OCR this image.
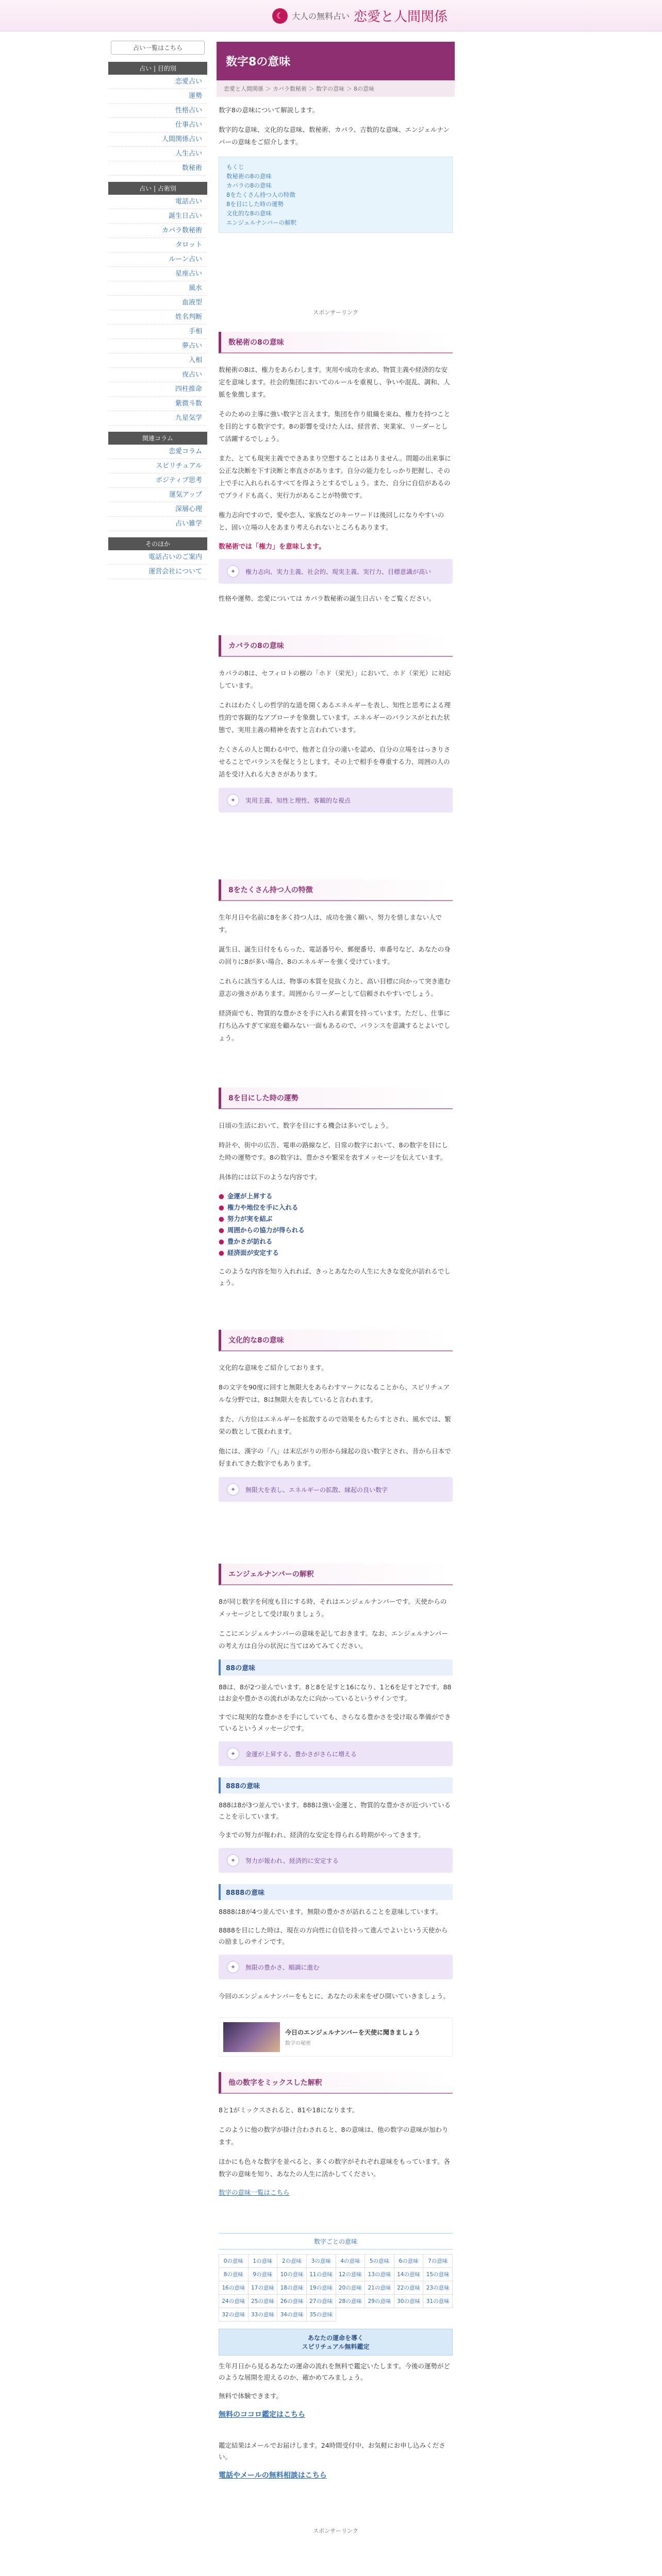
☾ 大人の無料占い 恋愛と人間関係
占い一覧はこちら
占い | 目的別
恋愛占い
運勢
性格占い
仕事占い
人間関係占い
人生占い
数秘術
占い | 占術別
電話占い
誕生日占い
カバラ数秘術
タロット
ルーン占い
星座占い
風水
血液型
姓名判断
手相
夢占い
入相
夜占い
四柱推命
紫微斗数
九星気学
関連コラム
恋愛コラム
スピリチュアル
ポジティブ思考
運気アップ
深層心理
占い雑学
そのほか
電話占いのご案内
運営会社について
数字8の意味
恋愛と人間関係 ＞ カバラ数秘術 ＞ 数字の意味 ＞ 8の意味

数字8の意味について解説します。

数字的な意味、文化的な意味、数秘術、カバラ、吉数的な意味、エンジェルナンバーの意味をご紹介します。

もくじ
数秘術の8の意味
カバラの8の意味
8をたくさん持つ人の特徴
8を目にした時の運勢
文化的な8の意味
エンジェルナンバーの解釈
スポンサーリンク
数秘術の8の意味

数秘術の8は、権力をあらわします。実用や成功を求め、物質主義や経済的な安定を意味します。社会的集団においてのルールを重視し、争いや混乱、調和、人脈を象徴します。

そのための主導に強い数字と言えます。集団を作り組織を束ね、権力を持つことを目的とする数字です。8の影響を受けた人は、経営者、実業家、リーダーとして活躍するでしょう。

また、とても現実主義でできあまり空想することはありません。問題の出来事に公正な決断を下す決断と率直さがあります。自分の能力をしっかり把握し、その上で手に入れられるすべてを得ようとするでしょう。また、自分に自信があるのでプライドも高く、実行力があることが特徴です。

権力志向ですので、愛や恋人、家族などのキーワードは後回しになりやすいのと、固い立場の人をあまり考えられないところもあります。

数秘術では「権力」を意味します。
✦	権力志向、実力主義、社会的、現実主義、実行力、目標意識が高い

性格や運勢、恋愛については カバラ数秘術の誕生日占い をご覧ください。

カバラの8の意味

カバラの8は、セフィロトの樹の「ホド（栄光）」において、ホド（栄光）に対応しています。

これはわたくしの哲学的な道を開くあるエネルギーを表し、知性と思考による理性的で客観的なアプローチを象徴しています。エネルギーのバランスがとれた状態で、実用主義の精神を表すと言われています。

たくさんの人と関わる中で、他者と自分の違いを認め、自分の立場をはっきりさせることでバランスを保とうとします。その上で相手を尊重する力、周囲の人の話を受け入れる大きさがあります。

✦	実用主義、知性と理性、客観的な視点
8をたくさん持つ人の特徴

生年月日や名前に8を多く持つ人は、成功を強く願い、努力を惜しまない人です。

誕生日、誕生日付をもらった、電話番号や、郵便番号、車番号など、あなたの身の回りに8が多い場合、8のエネルギーを強く受けています。

これらに該当する人は、物事の本質を見抜く力と、高い目標に向かって突き進む意志の強さがあります。周囲からリーダーとして信頼されやすいでしょう。

経済面でも、物質的な豊かさを手に入れる素質を持っています。ただし、仕事に打ち込みすぎて家庭を顧みない一面もあるので、バランスを意識するとよいでしょう。

8を目にした時の運勢

日頃の生活において、数字を目にする機会は多いでしょう。

時計や、街中の広告、電車の路線など、日常の数字において、8の数字を目にした時の運勢です。8の数字は、豊かさや繁栄を表すメッセージを伝えています。

具体的には以下のような内容です。

● 金運が上昇する
● 権力や地位を手に入れる
● 努力が実を結ぶ
● 周囲からの協力が得られる
● 豊かさが訪れる
● 経済面が安定する

このような内容を知り入れれば、きっとあなたの人生に大きな変化が訪れるでしょう。

文化的な8の意味

文化的な意味をご紹介しております。

8の文字を90度に回すと無限大をあらわすマークになることから、スピリチュアルな分野では、8は無限大を表していると言われます。

また、八方位はエネルギーを拡散するので効果をもたらすとされ、風水では、繁栄の数として扱われます。

他には、漢字の「八」は末広がりの形から縁起の良い数字とされ、昔から日本で好まれてきた数字でもあります。

✦	無限大を表し、エネルギーの拡散、縁起の良い数字
エンジェルナンバーの解釈

8が同じ数字を何度も目にする時、それはエンジェルナンバーです。天使からのメッセージとして受け取りましょう。

ここにエンジェルナンバーの意味を記しておきます。なお、エンジェルナンバーの考え方は自分の状況に当てはめてみてください。

88の意味

88は、8が2つ並んでいます。8と8を足すと16になり、1と6を足すと7です。88はお金や豊かさの流れがあなたに向かっているというサインです。

すでに現実的な豊かさを手にしていても、さらなる豊かさを受け取る準備ができているというメッセージです。

✦	金運が上昇する、豊かさがさらに増える
888の意味

888は8が3つ並んでいます。888は強い金運と、物質的な豊かさが近づいていることを示しています。

今までの努力が報われ、経済的な安定を得られる時期がやってきます。

✦	努力が報われ、経済的に安定する
8888の意味

8888は8が4つ並んでいます。無限の豊かさが訪れることを意味しています。

8888を目にした時は、現在の方向性に自信を持って進んでよいという天使からの励ましのサインです。

✦	無限の豊かさ、順調に進む

今回のエンジェルナンバーをもとに、あなたの未来をぜひ開いていきましょう。

今日のエンジェルナンバーを天使に聞きましょう
数字の秘密
他の数字をミックスした解釈

8と1がミックスされると、81や18になります。

このように他の数字が掛け合わされると、8の意味は、他の数字の意味が加わります。

ほかにも色々な数字を並べると、多くの数字がそれぞれ意味をもっています。各数字の意味を知り、あなたの人生に活かしてください。

数字の意味一覧はこちら
数字ごとの意味
0の意味	1の意味	2の意味	3の意味	4の意味	5の意味	6の意味	7の意味
8の意味	9の意味	10の意味	11の意味	12の意味	13の意味	14の意味	15の意味
16の意味	17の意味	18の意味	19の意味	20の意味	21の意味	22の意味	23の意味
24の意味	25の意味	26の意味	27の意味	28の意味	29の意味	30の意味	31の意味
32の意味	33の意味	34の意味	35の意味
あなたの運命を導く
スピリチュアル無料鑑定

生年月日から見るあなたの運命の流れを無料で鑑定いたします。今後の運勢がどのような展開を迎えるのか、確かめてみましょう。

無料で体験できます。

無料のココロ鑑定はこちら

鑑定結果はメールでお届けします。24時間受付中、お気軽にお申し込みください。

電話やメールの無料相談はこちら
スポンサーリンク
